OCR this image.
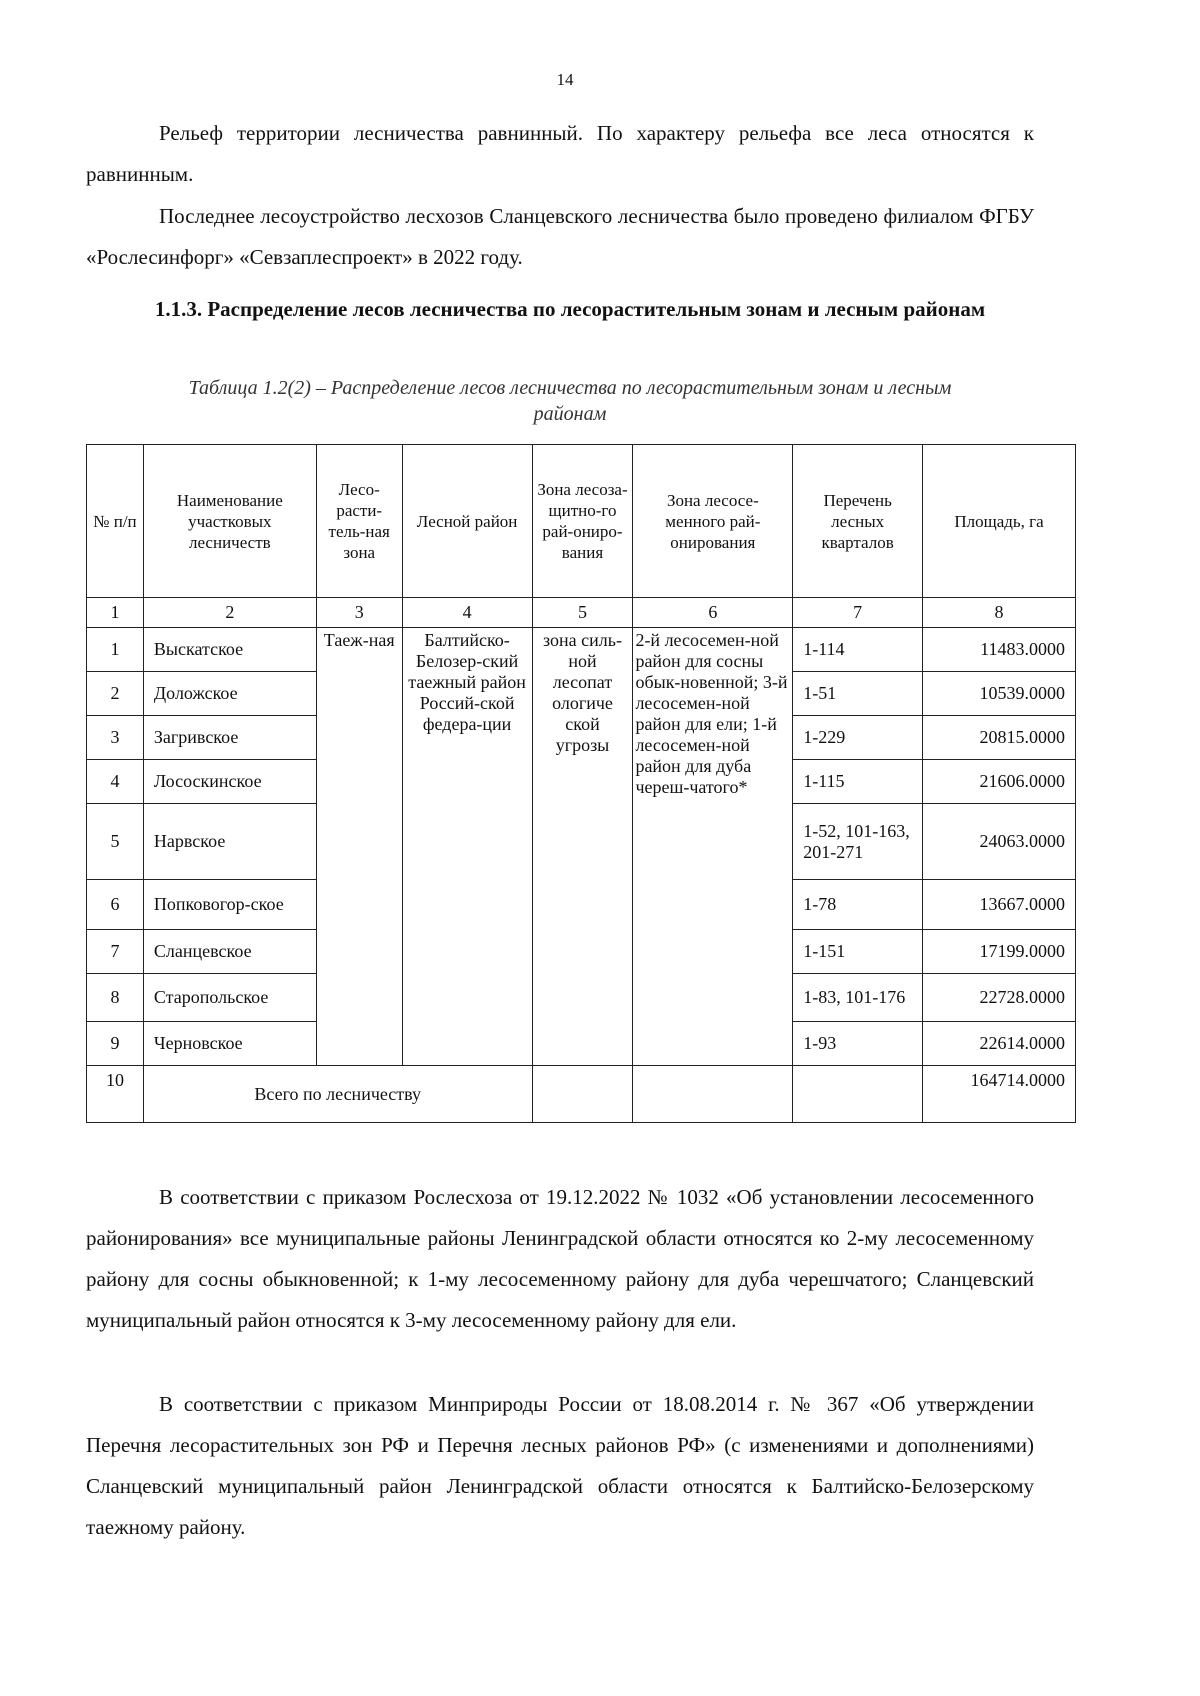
14

Рельеф территории лесничества равнинный. По характеру рельефа все леса относятся к равнинным.

Последнее лесоустройство лесхозов Сланцевского лесничества было проведено филиалом ФГБУ «Рослесинфорг» «Севзаплеспроект» в 2022 году.

1.1.3. Распределение лесов лесничества по лесорастительным зонам и лесным районам
Таблица 1.2(2) – Распределение лесов лесничества по лесорастительным зонам и лесным районам
№ п/п	Наименование участковых лесничеств	Лесо-расти-тель-ная зона	Лесной район	Зона лесоза-щитно-го рай-ониро-вания	Зона лесосе-менного рай-онирования	Перечень лесных кварталов	Площадь, га
1	2	3	4	5	6	7	8
1	Выскатское	Таеж-ная	Балтийско-Белозер-ский таежный район Россий-ской федера-ции	зона силь-ной лесопат ологиче ской угрозы	2-й лесосемен-ной район для сосны обык-новенной; 3-й лесосемен-ной район для ели; 1-й лесосемен-ной район для дуба череш-чатого*	1-114	11483.0000
2	Доложское					1-51	10539.0000
3	Загривское					1-229	20815.0000
4	Лососкинское					1-115	21606.0000
5	Нарвское					1-52, 101-163, 201-271	24063.0000
6	Попковогор-ское					1-78	13667.0000
7	Сланцевское					1-151	17199.0000
8	Старопольское					1-83, 101-176	22728.0000
9	Черновское					1-93	22614.0000
10	Всего по лесничеству						164714.0000

В соответствии с приказом Рослесхоза от 19.12.2022 № 1032 «Об установлении лесосеменного районирования» все муниципальные районы Ленинградской области относятся ко 2-му лесосеменному району для сосны обыкновенной; к 1-му лесосеменному району для дуба черешчатого; Сланцевский муниципальный район относятся к 3-му лесосеменному району для ели.

В соответствии с приказом Минприроды России от 18.08.2014 г. № 367 «Об утверждении Перечня лесорастительных зон РФ и Перечня лесных районов РФ» (с изменениями и дополнениями) Сланцевский муниципальный район Ленинградской области относятся к Балтийско-Белозерскому таежному району.
